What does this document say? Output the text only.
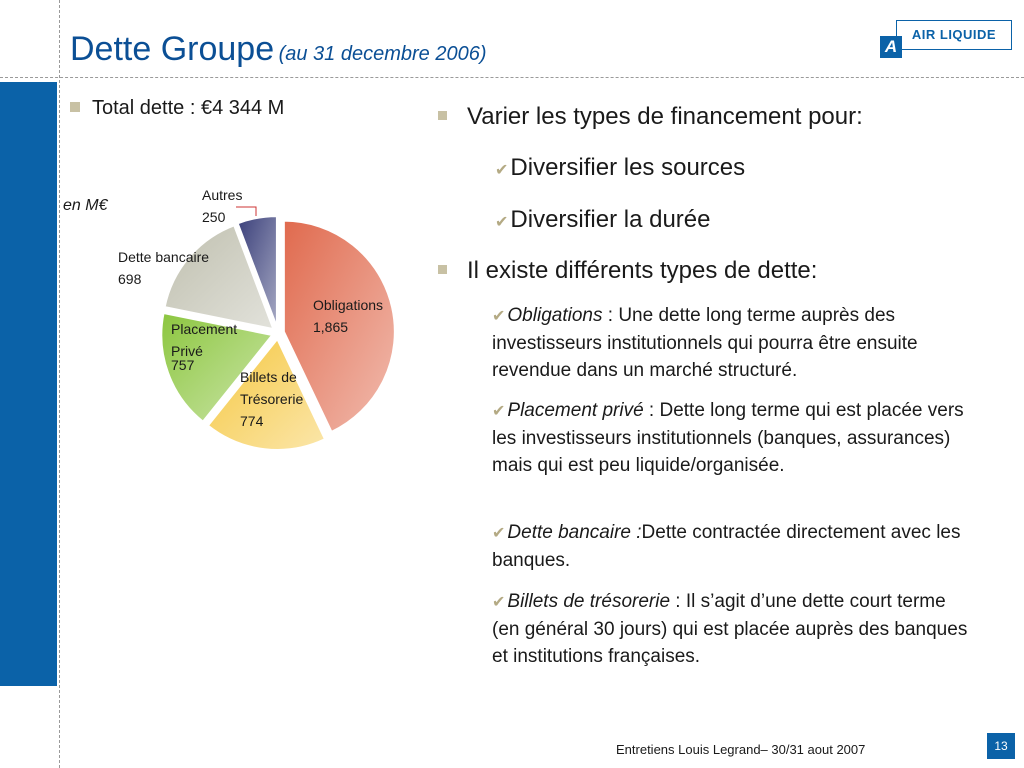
Dette Groupe (au 31 decembre 2006)	A
AIR LIQUIDE
Total dette : €4 344 M
en M€
Obligations
1,865
Billets de
Trésorerie
774
Placement
Privé
757
Dette bancaire
698
Autres
250
Varier les types de financement pour:
✔Diversifier les sources
✔Diversifier la durée
Il existe différents types de dette:
✔ Obligations : Une dette long terme auprès des investisseurs institutionnels qui pourra être ensuite revendue dans un marché structuré.
✔ Placement privé : Dette long terme qui est placée vers les investisseurs institutionnels (banques, assurances) mais qui est peu liquide/organisée.
✔ Dette bancaire :Dette contractée directement avec les banques.
✔ Billets de trésorerie : Il s’agit d’une dette court terme (en général 30 jours) qui est placée auprès des banques et institutions françaises.
Entretiens Louis Legrand– 30/31 aout 2007	13
